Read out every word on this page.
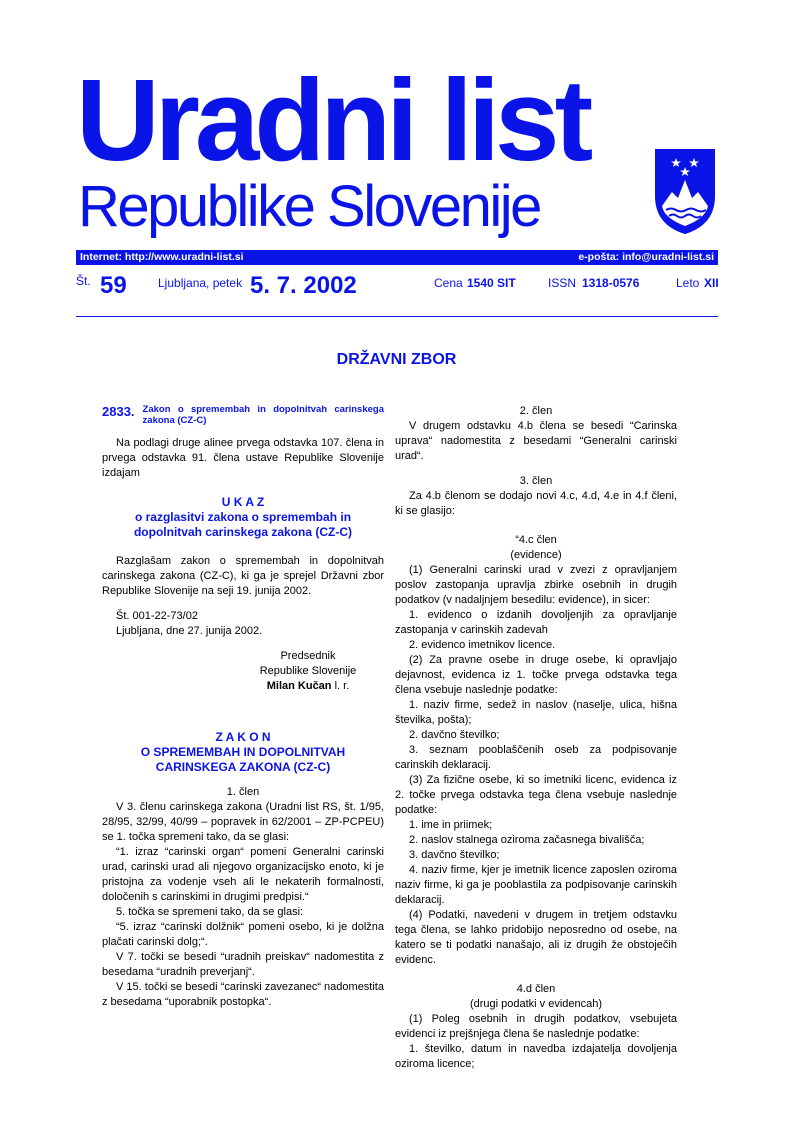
Uradni list
Republike Slovenije
Internet: http://www.uradni-list.si	e-pošta: info@uradni-list.si
Št. 59	Ljubljana, petek 5. 7. 2002	Cena 1540 SIT	ISSN 1318-0576	Leto XII
DRŽAVNI ZBOR
2833. Zakon o spremembah in dopolnitvah carinskega zakona (CZ-C)

Na podlagi druge alinee prvega odstavka 107. člena in prvega odstavka 91. člena ustave Republike Slovenije izdajam

U K A Z

o razglasitvi zakona o spremembah in dopolnitvah carinskega zakona (CZ-C)

Razglašam zakon o spremembah in dopolnitvah carinskega zakona (CZ-C), ki ga je sprejel Državni zbor Republike Slovenije na seji 19. junija 2002.

Št. 001-22-73/02

Ljubljana, dne 27. junija 2002.

Predsednik

Republike Slovenije

Milan Kučan l. r.

Z A K O N

O SPREMEMBAH IN DOPOLNITVAH CARINSKEGA ZAKONA (CZ-C)

1. člen

V 3. členu carinskega zakona (Uradni list RS, št. 1/95, 28/95, 32/99, 40/99 – popravek in 62/2001 – ZP-PCPEU) se 1. točka spremeni tako, da se glasi:

“1. izraz “carinski organ“ pomeni Generalni carinski urad, carinski urad ali njegovo organizacijsko enoto, ki je pristojna za vodenje vseh ali le nekaterih formalnosti, določenih s carinskimi in drugimi predpisi.“

5. točka se spremeni tako, da se glasi:

“5. izraz “carinski dolžnik“ pomeni osebo, ki je dolžna plačati carinski dolg;“.

V 7. točki se besedi “uradnih preiskav“ nadomestita z besedama “uradnih preverjanj“.

V 15. točki se besedi “carinski zavezanec“ nadomestita z besedama “uporabnik postopka“.

2. člen

V drugem odstavku 4.b člena se besedi “Carinska uprava“ nadomestita z besedami “Generalni carinski urad“.

3. člen

Za 4.b členom se dodajo novi 4.c, 4.d, 4.e in 4.f členi, ki se glasijo:

“4.c člen

(evidence)

(1) Generalni carinski urad v zvezi z opravljanjem poslov zastopanja upravlja zbirke osebnih in drugih podatkov (v nadaljnjem besedilu: evidence), in sicer:

1. evidenco o izdanih dovoljenjih za opravljanje zastopanja v carinskih zadevah

2. evidenco imetnikov licence.

(2) Za pravne osebe in druge osebe, ki opravljajo dejavnost, evidenca iz 1. točke prvega odstavka tega člena vsebuje naslednje podatke:

1. naziv firme, sedež in naslov (naselje, ulica, hišna številka, pošta);

2. davčno številko;

3. seznam pooblaščenih oseb za podpisovanje carinskih deklaracij.

(3) Za fizične osebe, ki so imetniki licenc, evidenca iz 2. točke prvega odstavka tega člena vsebuje naslednje podatke:

1. ime in priimek;

2. naslov stalnega oziroma začasnega bivališča;

3. davčno številko;

4. naziv firme, kjer je imetnik licence zaposlen oziroma naziv firme, ki ga je pooblastila za podpisovanje carinskih deklaracij.

(4) Podatki, navedeni v drugem in tretjem odstavku tega člena, se lahko pridobijo neposredno od osebe, na katero se ti podatki nanašajo, ali iz drugih že obstoječih evidenc.

4.d člen

(drugi podatki v evidencah)

(1) Poleg osebnih in drugih podatkov, vsebujeta evidenci iz prejšnjega člena še naslednje podatke:

1. številko, datum in navedba izdajatelja dovoljenja oziroma licence;
